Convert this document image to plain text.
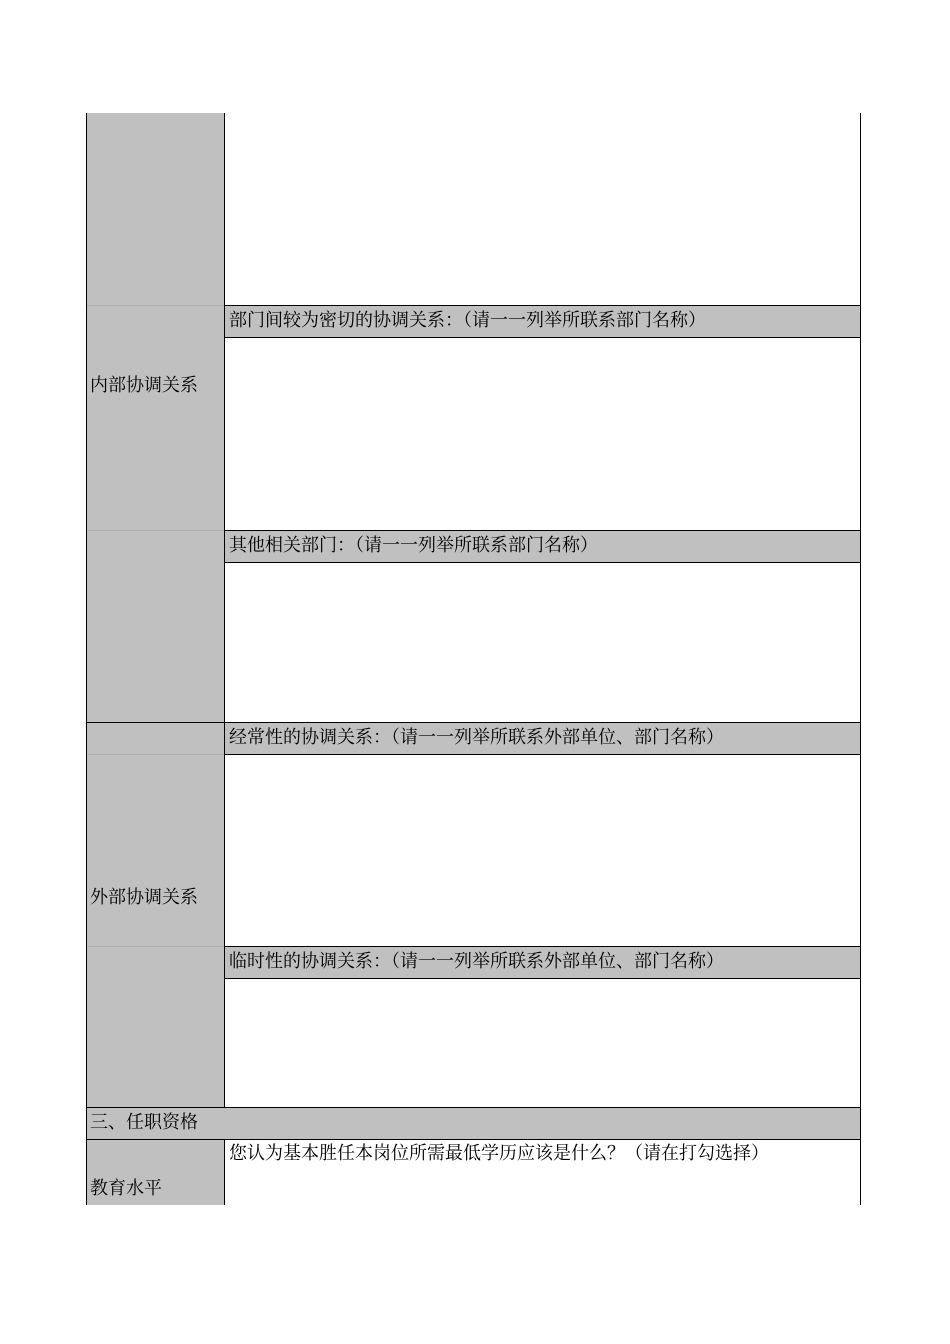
内部协调关系
部门间较为密切的协调关系：（请一一列举所联系部门名称）
其他相关部门：（请一一列举所联系部门名称）
外部协调关系
经常性的协调关系：（请一一列举所联系外部单位、部门名称）
临时性的协调关系：（请一一列举所联系外部单位、部门名称）
三、任职资格
教育水平
您认为基本胜任本岗位所需最低学历应该是什么？（请在打勾选择）
